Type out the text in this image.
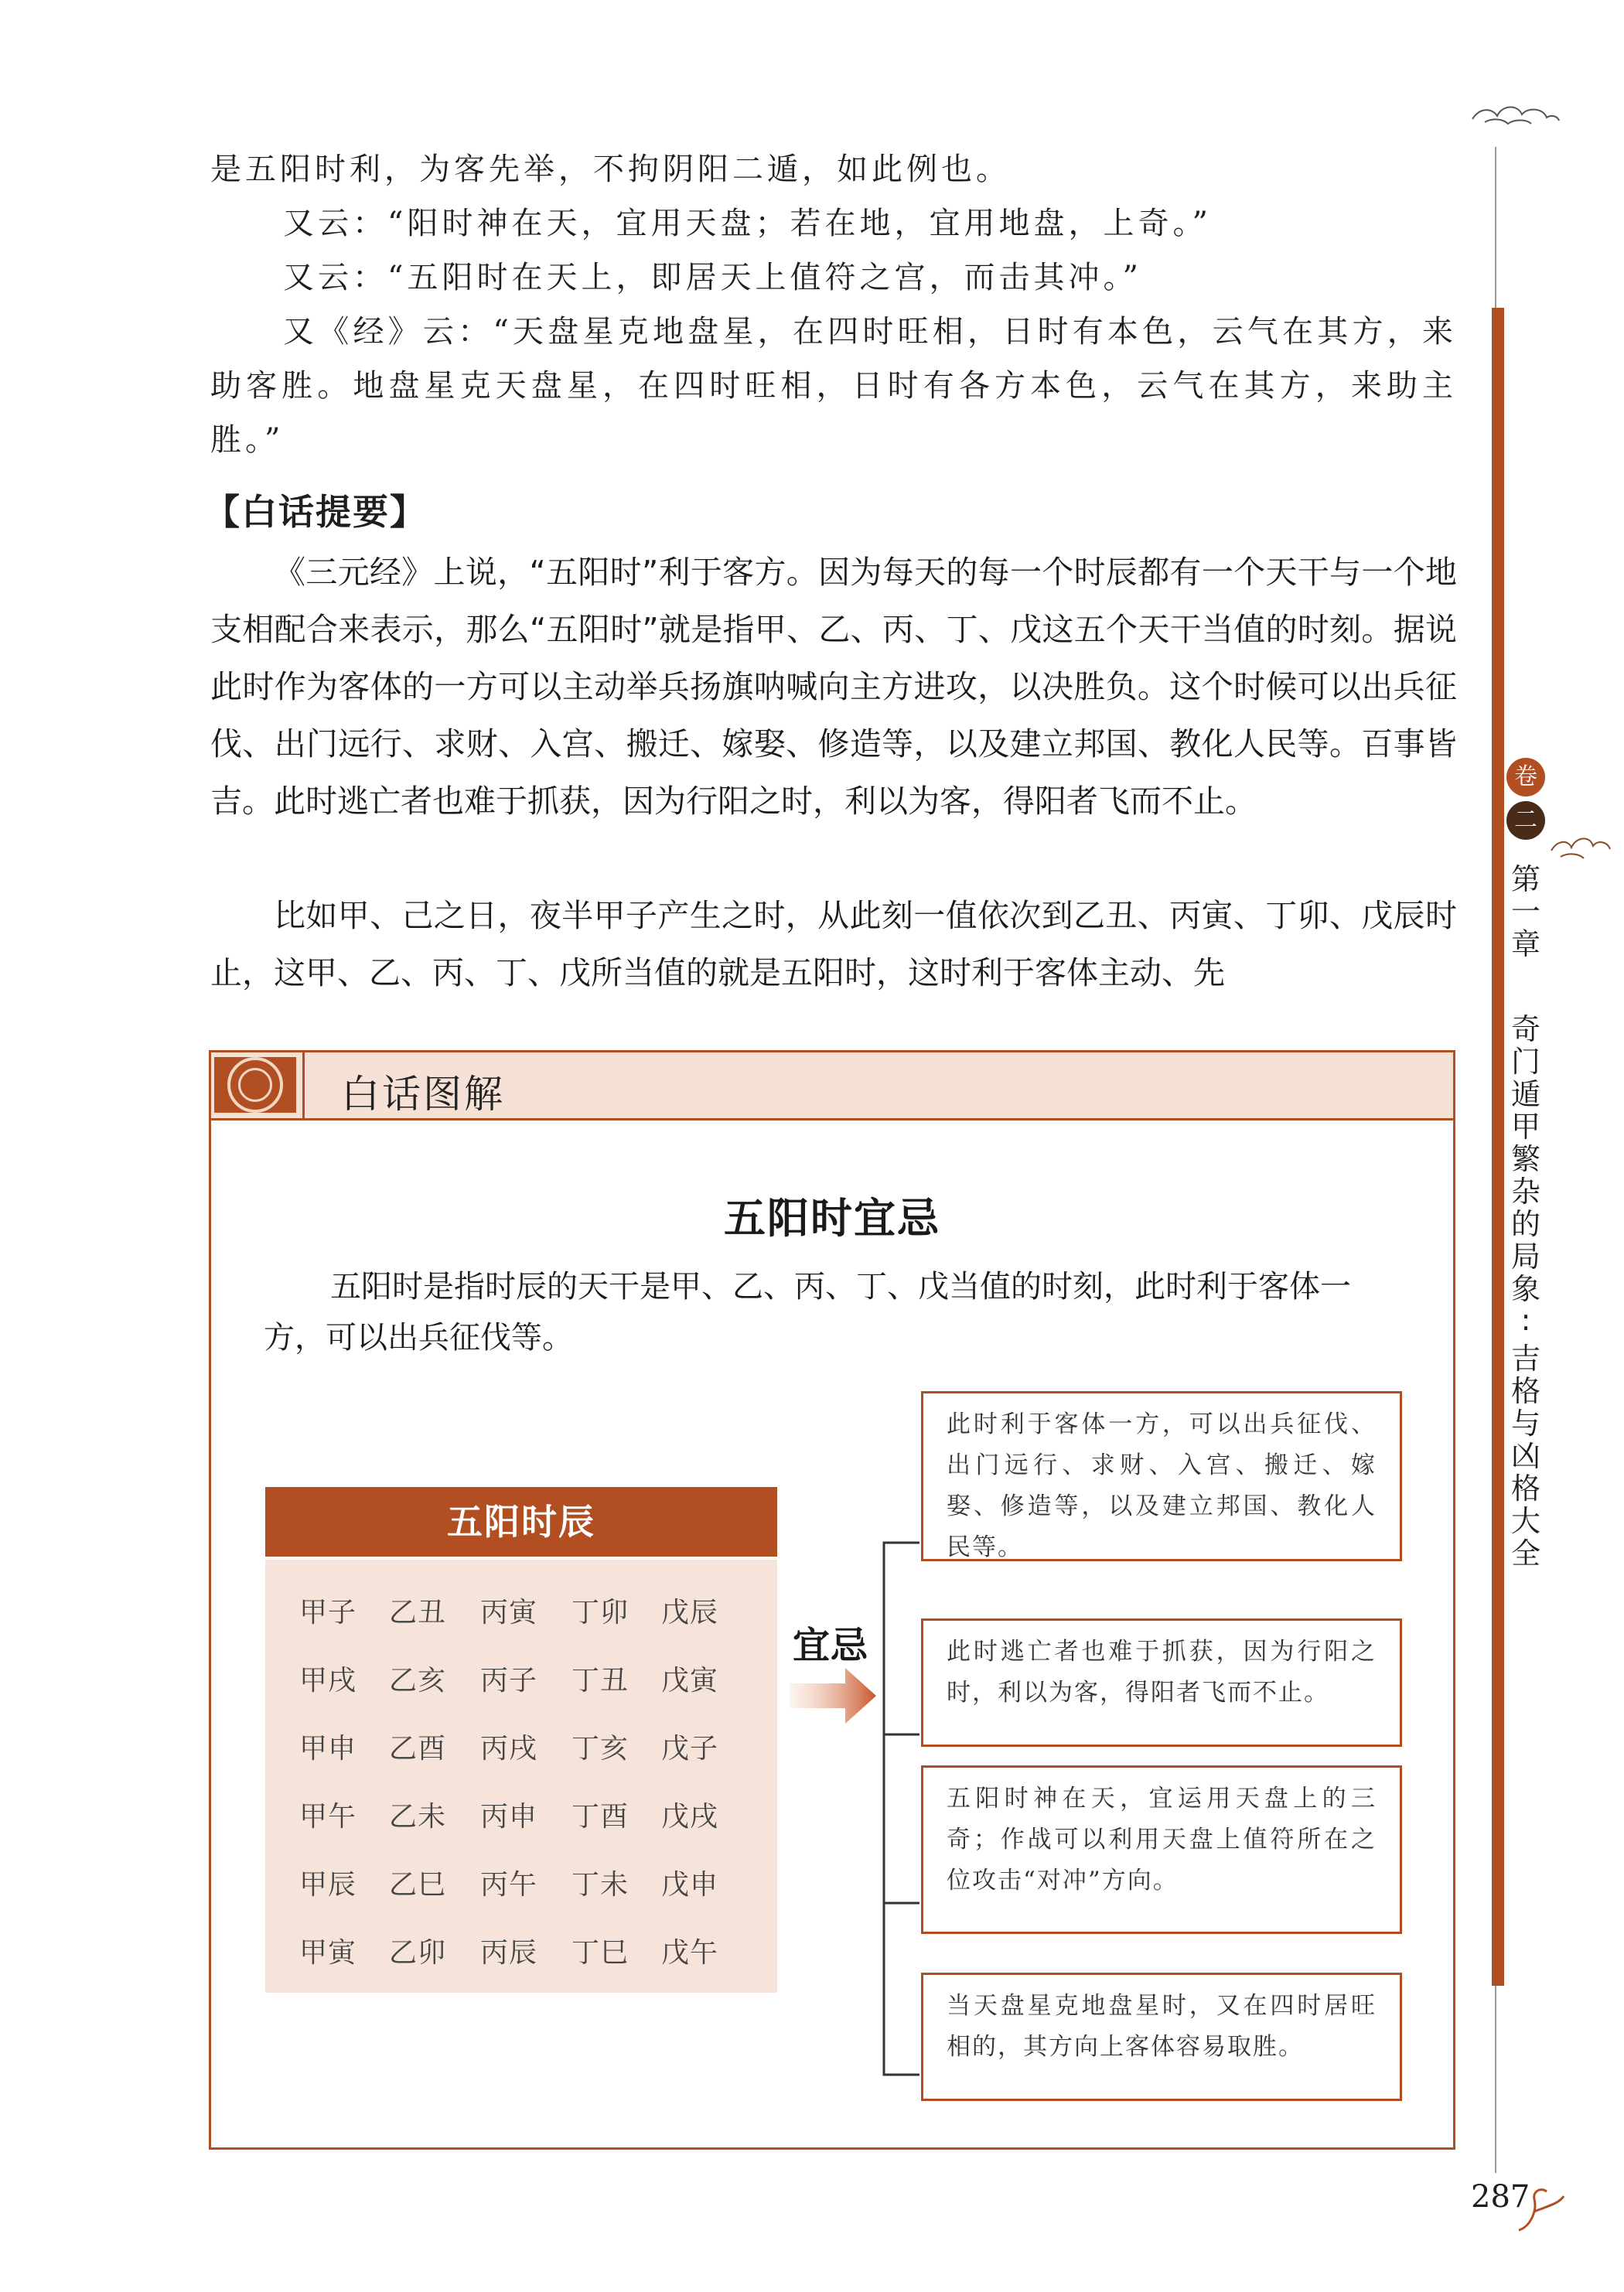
是五阳时利，为客先举，不拘阴阳二遁，如此例也。

又云：“阳时神在天，宜用天盘；若在地，宜用地盘，上奇。”

又云：“五阳时在天上，即居天上值符之宫，而击其冲。”

又《经》云：“天盘星克地盘星，在四时旺相，日时有本色，云气在其方，来助客胜。地盘星克天盘星，在四时旺相，日时有各方本色，云气在其方，来助主胜。”

【白话提要】

《三元经》上说，“五阳时”利于客方。因为每天的每一个时辰都有一个天干与一个地支相配合来表示，那么“五阳时”就是指甲、乙、丙、丁、戊这五个天干当值的时刻。据说此时作为客体的一方可以主动举兵扬旗呐喊向主方进攻，以决胜负。这个时候可以出兵征伐、出门远行、求财、入宫、搬迁、嫁娶、修造等，以及建立邦国、教化人民等。百事皆吉。此时逃亡者也难于抓获，因为行阳之时，利以为客，得阳者飞而不止。

比如甲、己之日，夜半甲子产生之时，从此刻一值依次到乙丑、丙寅、丁卯、戊辰时止，这甲、乙、丙、丁、戊所当值的就是五阳时，这时利于客体主动、先

卷
二
第一章
奇门遁甲繁杂的局象
:
吉格与凶格大全
白话图解
五阳时宜忌

五阳时是指时辰的天干是甲、乙、丙、丁、戊当值的时刻，此时利于客体一方，可以出兵征伐等。

五阳时辰
甲子 乙丑 丙寅 丁卯 戊辰
甲戌 乙亥 丙子 丁丑 戊寅
甲申 乙酉 丙戌 丁亥 戊子
甲午 乙未 丙申 丁酉 戊戌
甲辰 乙巳 丙午 丁未 戊申
甲寅 乙卯 丙辰 丁巳 戊午
宜忌
此时利于客体一方，可以出兵征伐、出门远行、求财、入宫、搬迁、嫁娶、修造等，以及建立邦国、教化人民等。
此时逃亡者也难于抓获，因为行阳之时，利以为客，得阳者飞而不止。
五阳时神在天，宜运用天盘上的三奇；作战可以利用天盘上值符所在之位攻击“对冲”方向。
当天盘星克地盘星时，又在四时居旺相的，其方向上客体容易取胜。
287
